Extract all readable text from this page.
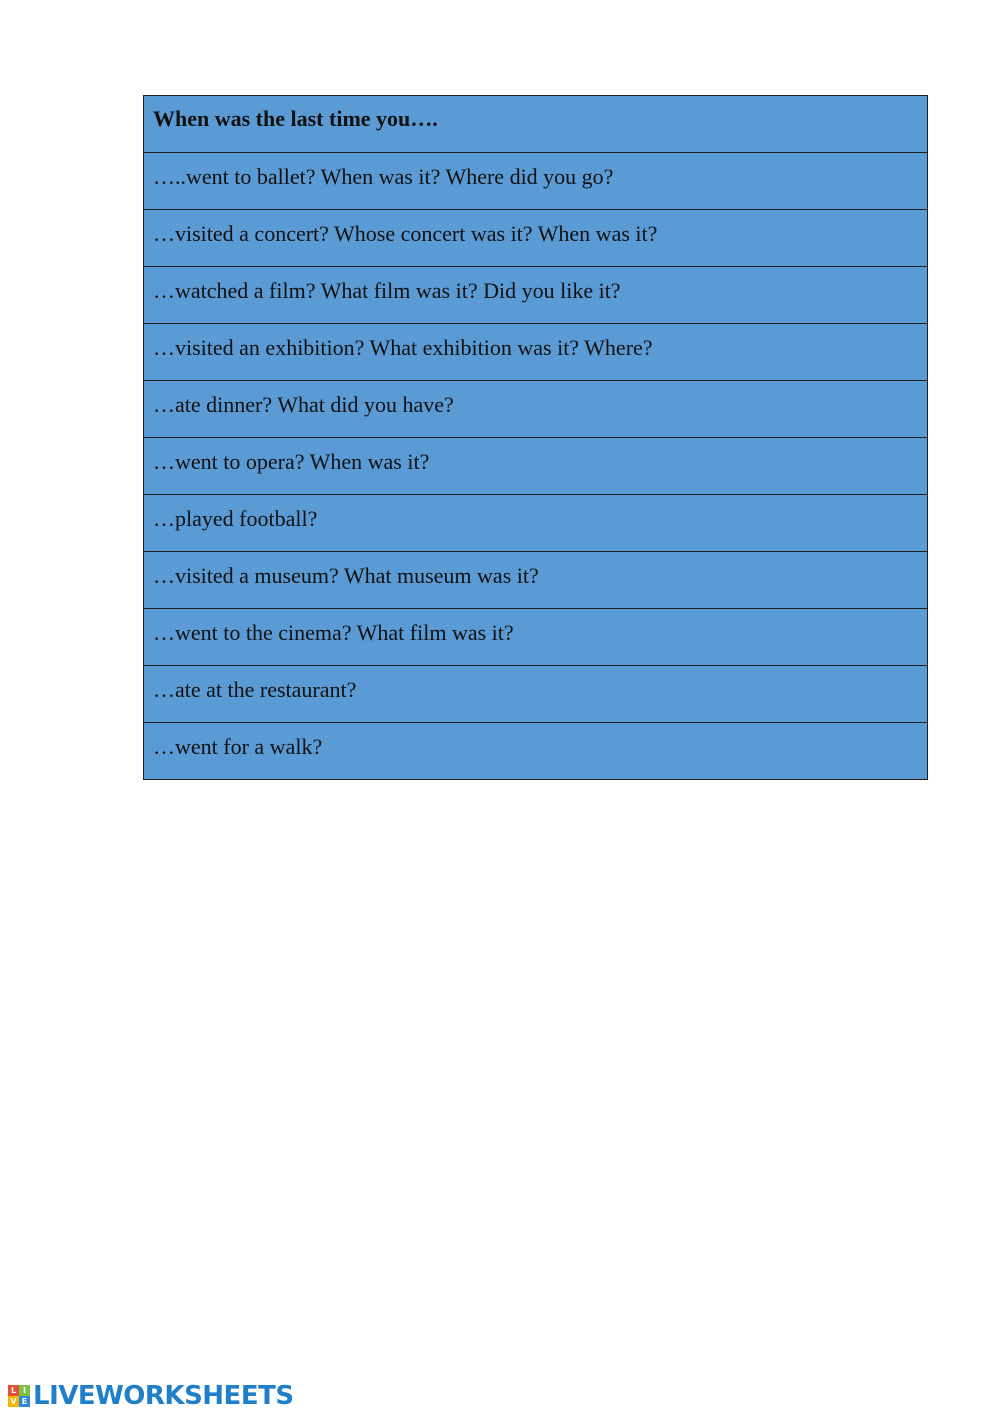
When was the last time you….
…..went to ballet? When was it? Where did you go?
…visited a concert? Whose concert was it? When was it?
…watched a film? What film was it? Did you like it?
…visited an exhibition? What exhibition was it? Where?
…ate dinner? What did you have?
…went to opera? When was it?
…played football?
…visited a museum? What museum was it?
…went to the cinema? What film was it?
…ate at the restaurant?
…went for a walk?
L I
V E LIVEWORKSHEETS
